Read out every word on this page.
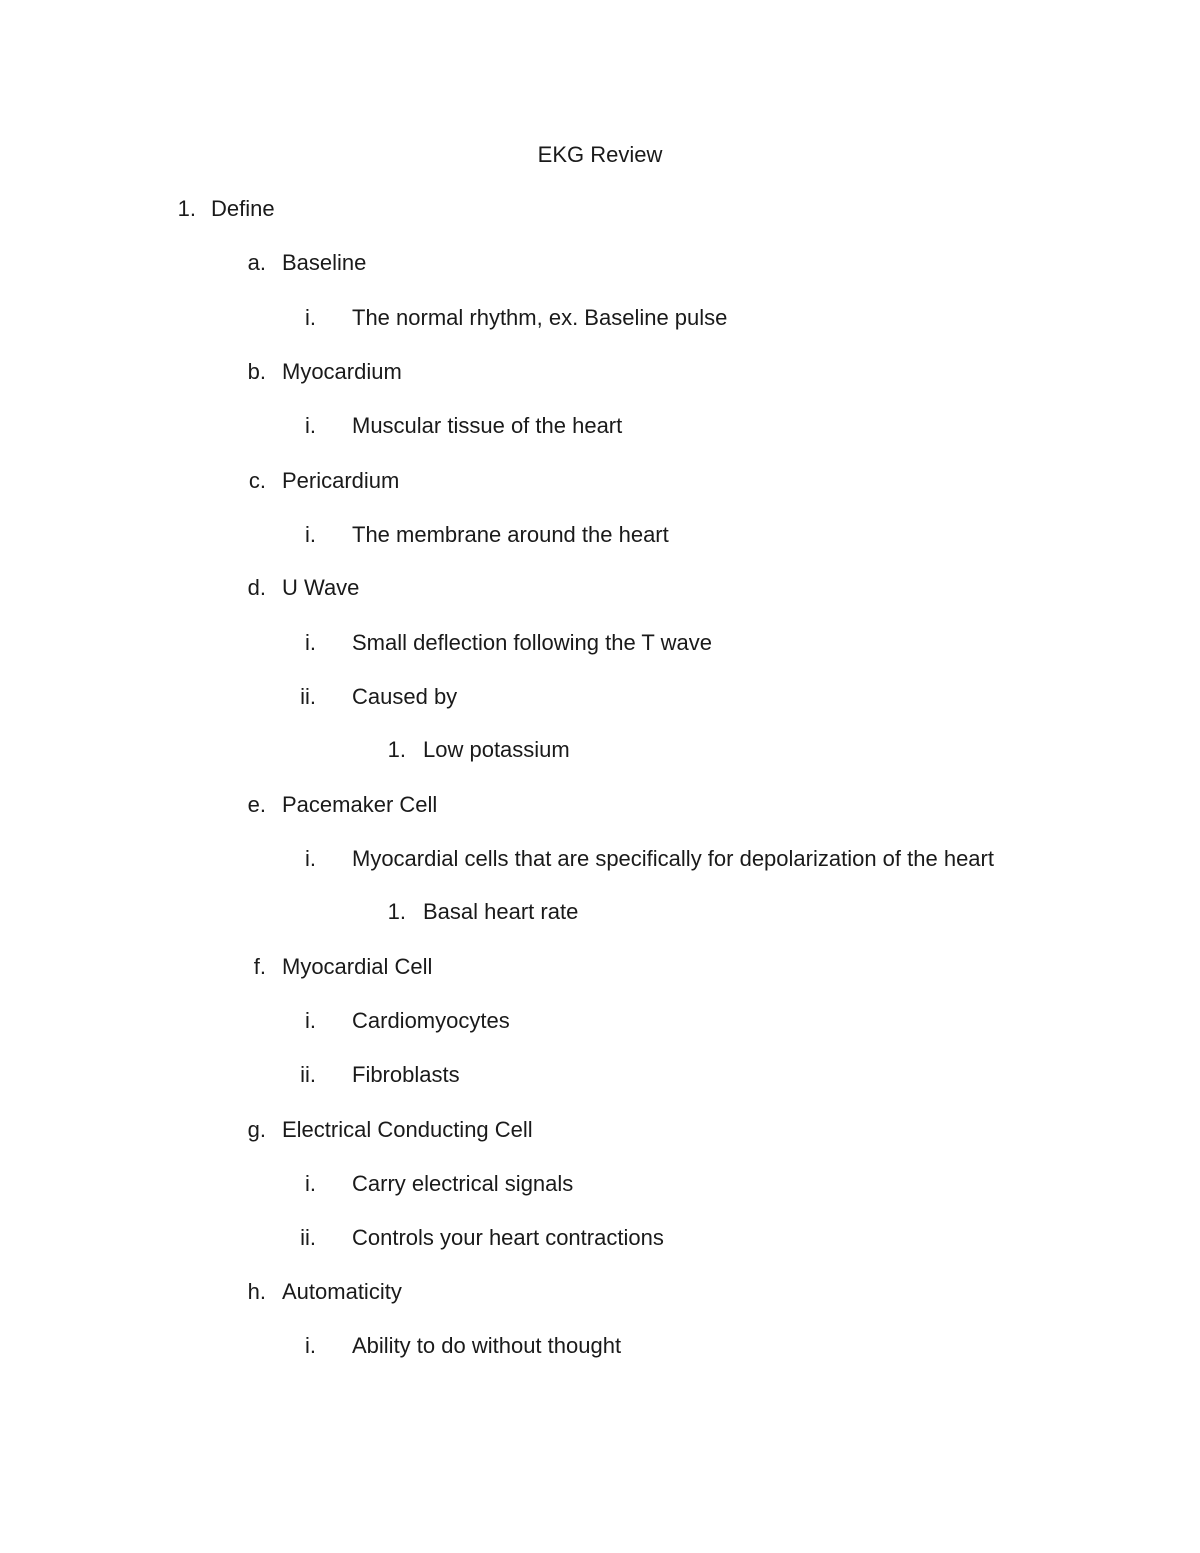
EKG Review
1. Define
a. Baseline
i. The normal rhythm, ex. Baseline pulse
b. Myocardium
i. Muscular tissue of the heart
c. Pericardium
i. The membrane around the heart
d. U Wave
i. Small deflection following the T wave
ii. Caused by
1. Low potassium
e. Pacemaker Cell
i. Myocardial cells that are specifically for depolarization of the heart
1. Basal heart rate
f. Myocardial Cell
i. Cardiomyocytes
ii. Fibroblasts
g. Electrical Conducting Cell
i. Carry electrical signals
ii. Controls your heart contractions
h. Automaticity
i. Ability to do without thought
